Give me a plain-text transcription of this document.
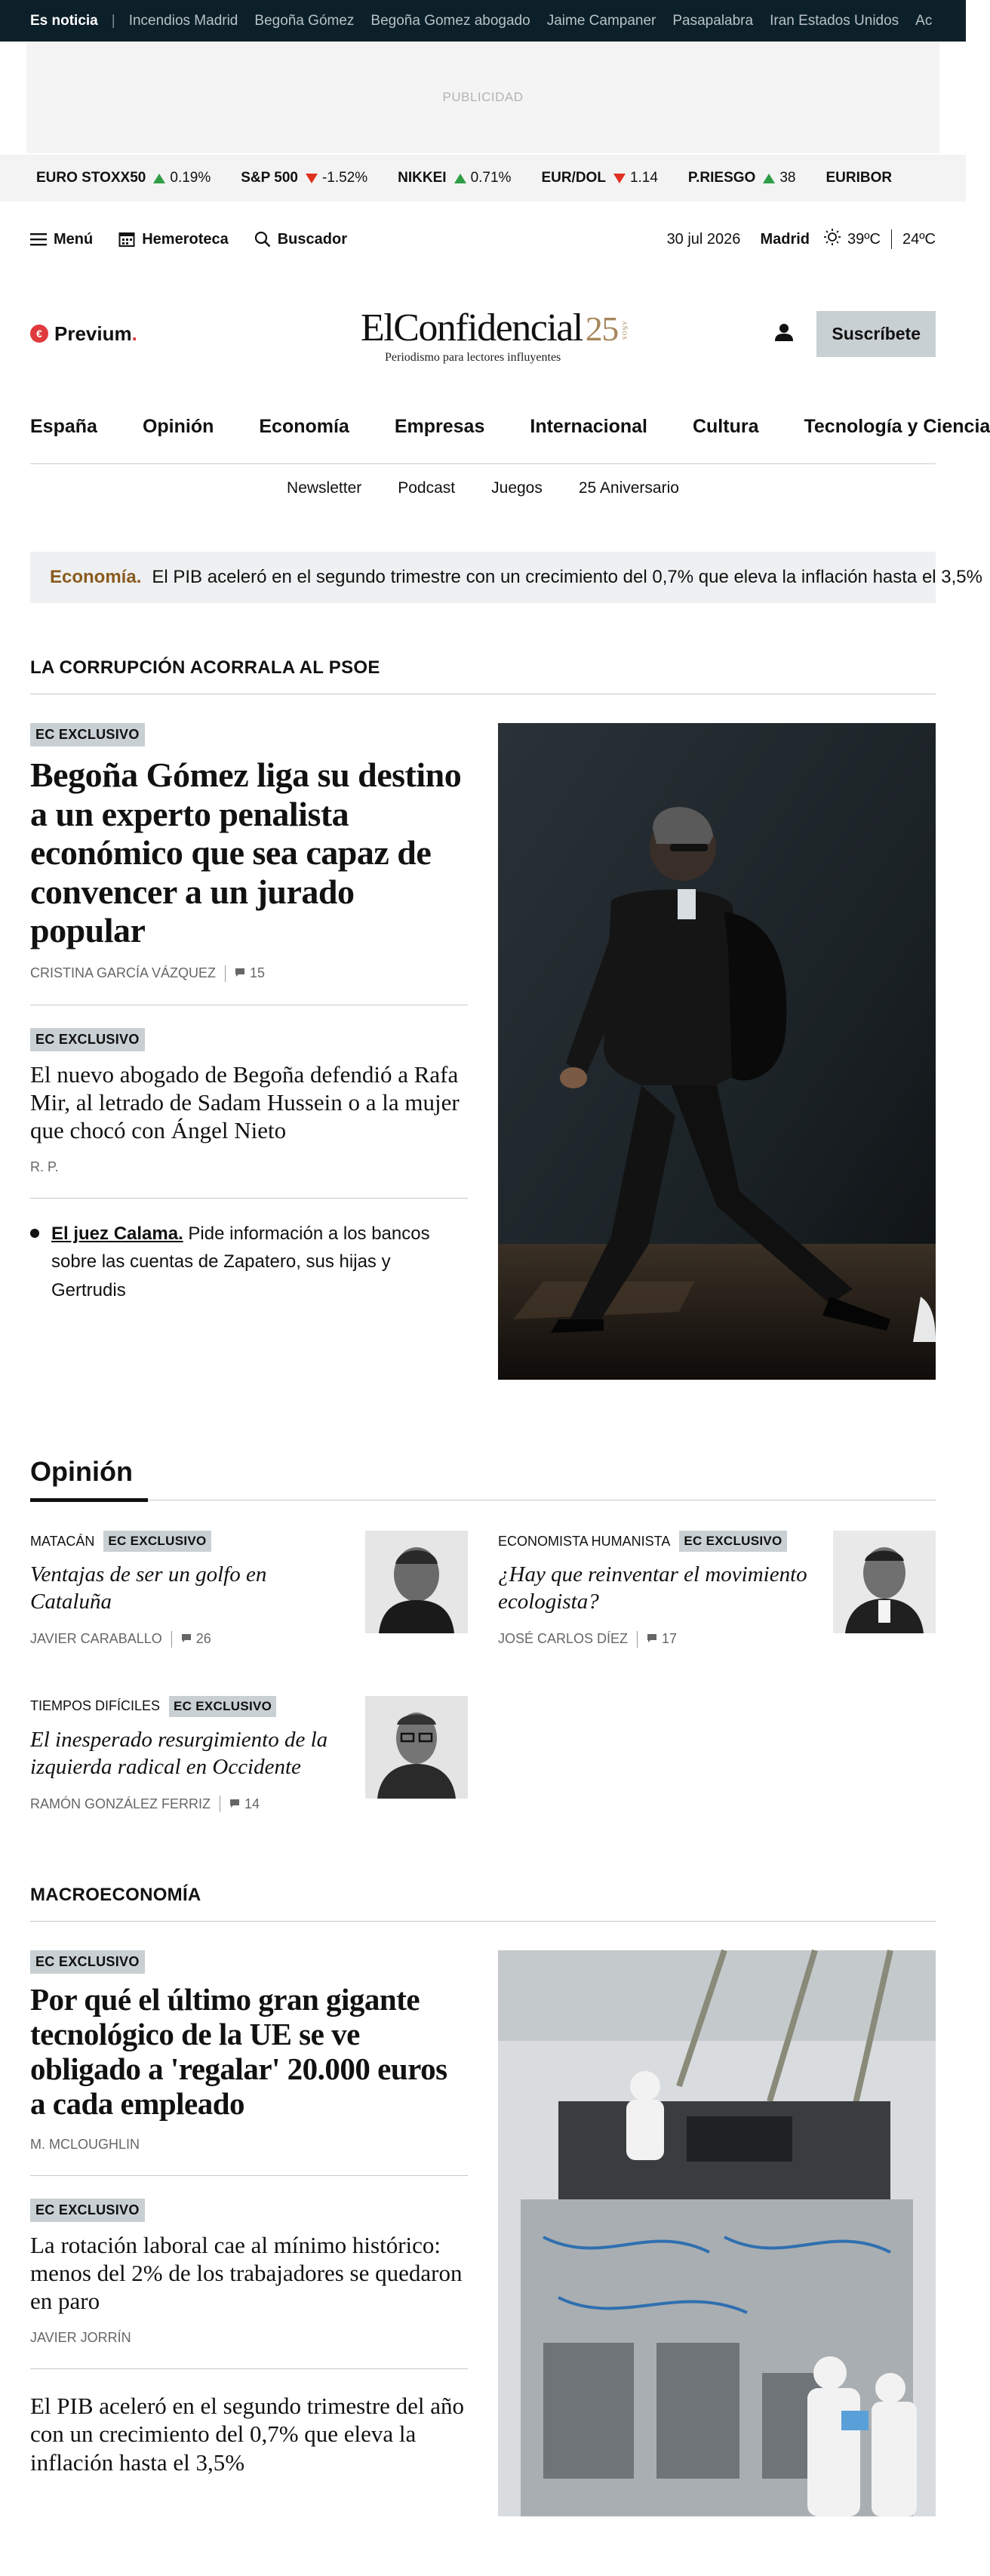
Es noticia | Incendios Madrid Begoña Gómez Begoña Gomez abogado Jaime Campaner Pasapalabra Iran Estados Unidos Ac
PUBLICIDAD
EURO STOXX50 0.19% S&P 500 -1.52% NIKKEI 0.71% EUR/DOL 1.14 P.RIESGO 38 EURIBOR
Menú	Hemeroteca	Buscador	30 jul 2026 Madrid	39ºC 24ºC
€ Previum .	ElConfidencial25 AÑOS
Periodismo para lectores influyentes
Suscríbete
España Opinión Economía Empresas Internacional Cultura Tecnología y Ciencia
Newsletter Podcast Juegos 25 Aniversario
Economía. El PIB aceleró en el segundo trimestre con un crecimiento del 0,7% que eleva la inflación hasta el 3,5%
LA CORRUPCIÓN ACORRALA AL PSOE
EC EXCLUSIVO
Begoña Gómez liga su destino a un experto penalista económico que sea capaz de convencer a un jurado popular
CRISTINA GARCÍA VÁZQUEZ	15
EC EXCLUSIVO
El nuevo abogado de Begoña defendió a Rafa Mir, al letrado de Sadam Hussein o a la mujer que chocó con Ángel Nieto
R. P.
El juez Calama. Pide información a los bancos sobre las cuentas de Zapatero, sus hijas y Gertrudis
Opinión
MATACÁN	EC EXCLUSIVO
Ventajas de ser un golfo en Cataluña
JAVIER CARABALLO	26
ECONOMISTA HUMANISTA	EC EXCLUSIVO
¿Hay que reinventar el movimiento ecologista?
JOSÉ CARLOS DÍEZ	17
TIEMPOS DIFÍCILES	EC EXCLUSIVO
El inesperado resurgimiento de la izquierda radical en Occidente
RAMÓN GONZÁLEZ FERRIZ	14
MACROECONOMÍA
EC EXCLUSIVO
Por qué el último gran gigante tecnológico de la UE se ve obligado a 'regalar' 20.000 euros a cada empleado
M. MCLOUGHLIN
EC EXCLUSIVO
La rotación laboral cae al mínimo histórico: menos del 2% de los trabajadores se quedaron en paro
JAVIER JORRÍN
El PIB aceleró en el segundo trimestre del año con un crecimiento del 0,7% que eleva la inflación hasta el 3,5%
